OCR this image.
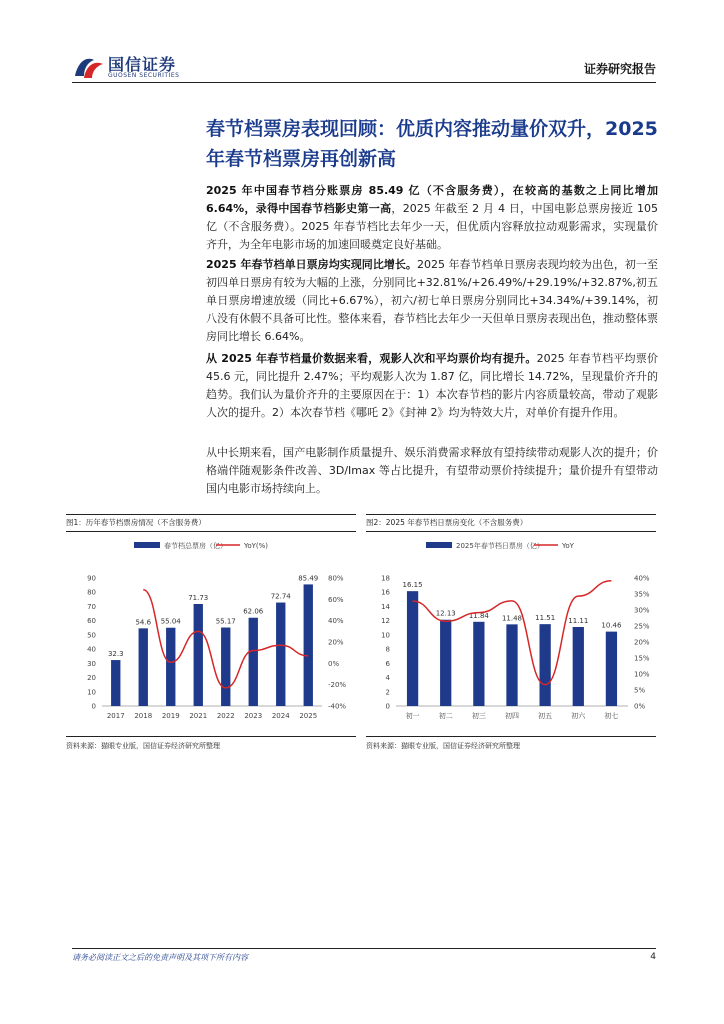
国信证券
GUOSEN SECURITIES	证券研究报告
春节档票房表现回顾：优质内容推动量价双升，2025 年春节档票房再创新高
2025 年中国春节档分账票房 85.49 亿（不含服务费），在较高的基数之上同比增加 6.64%，录得中国春节档影史第一高，2025 年截至 2 月 4 日，中国电影总票房接近 105 亿（不含服务费）。2025 年春节档比去年少一天，但优质内容释放拉动观影需求，实现量价齐升，为全年电影市场的加速回暖奠定良好基础。
2025 年春节档单日票房均实现同比增长。2025 年春节档单日票房表现均较为出色，初一至初四单日票房有较为大幅的上涨，分别同比+32.81%/+26.49%/+29.19%/+32.87%,初五单日票房增速放缓（同比+6.67%），初六/初七单日票房分别同比+34.34%/+39.14%，初八没有休假不具备可比性。整体来看，春节档比去年少一天但单日票房表现出色，推动整体票房同比增长 6.64%。
从 2025 年春节档量价数据来看，观影人次和平均票价均有提升。2025 年春节档平均票价 45.6 元，同比提升 2.47%；平均观影人次为 1.87 亿，同比增长 14.72%，呈现量价齐升的趋势。我们认为量价齐升的主要原因在于：1）本次春节档的影片内容质量较高，带动了观影人次的提升。2）本次春节档《哪吒 2》《封神 2》均为特效大片，对单价有提升作用。
从中长期来看，国产电影制作质量提升、娱乐消费需求释放有望持续带动观影人次的提升；价格端伴随观影条件改善、3D/Imax 等占比提升，有望带动票价持续提升；量价提升有望带动国内电影市场持续向上。
图1：历年春节档票房情况（不含服务费）
春节档总票房（亿） YoY(%)
0
10
20
30
40
50
60
70
80
90
-40%
-20%
0%
20%
40%
60%
80%
32.3
2017
54.6
2018
55.04
2019
71.73
2021
55.17
2022
62.06
2023
72.74
2024
85.49
2025
资料来源：猫眼专业版，国信证券经济研究所整理
图2：2025 年春节档日票房变化（不含服务费）
2025年春节档日票房（亿）	YoY
0
2
4
6
8
10
12
14
16
18
0%
5%
10%
15%
20%
25%
30%
35%
40%
16.15
初一
12.13
初二
11.84
初三
11.48
初四
11.51
初五
11.11
初六
10.46
初七
资料来源：猫眼专业版，国信证券经济研究所整理
请务必阅读正文之后的免责声明及其项下所有内容	4
